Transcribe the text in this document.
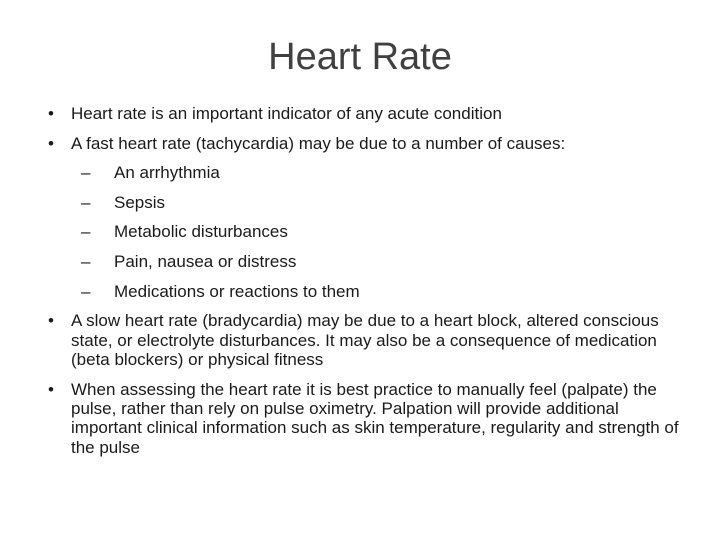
Heart Rate
•	Heart rate is an important indicator of any acute condition
•	A fast heart rate (tachycardia) may be due to a number of causes:
– An arrhythmia
– Sepsis
– Metabolic disturbances
– Pain, nausea or distress
– Medications or reactions to them
•	A slow heart rate (bradycardia) may be due to a heart block, altered conscious state, or electrolyte disturbances. It may also be a consequence of medication (beta blockers) or physical fitness
•	When assessing the heart rate it is best practice to manually feel (palpate) the pulse, rather than rely on pulse oximetry. Palpation will provide additional important clinical information such as skin temperature, regularity and strength of the pulse
